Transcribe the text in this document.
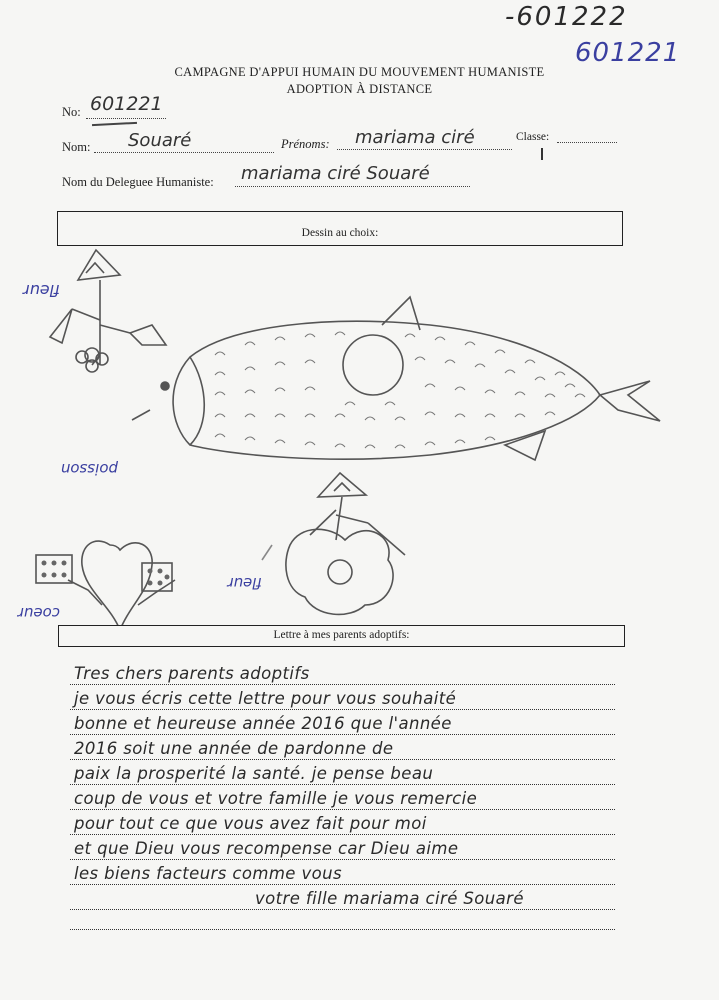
-601222
601221
CAMPAGNE D'APPUI HUMAIN DU MOUVEMENT HUMANISTE
ADOPTION À DISTANCE
No: 601221
Nom: Souaré	Prénoms: mariama ciré	Classe:
Nom du Deleguee Humaniste: mariama ciré Souaré
Dessin au choix:
fleur
poisson
fleur
coeur
Lettre à mes parents adoptifs:
Tres chers parents adoptifs
je vous écris cette lettre pour vous souhaité
bonne et heureuse année 2016 que l'année
2016 soit une année de pardonne de
paix la prosperité la santé. je pense beau
coup de vous et votre famille je vous remercie
pour tout ce que vous avez fait pour moi
et que Dieu vous recompense car Dieu aime
les biens facteurs comme vous
votre fille mariama ciré Souaré
